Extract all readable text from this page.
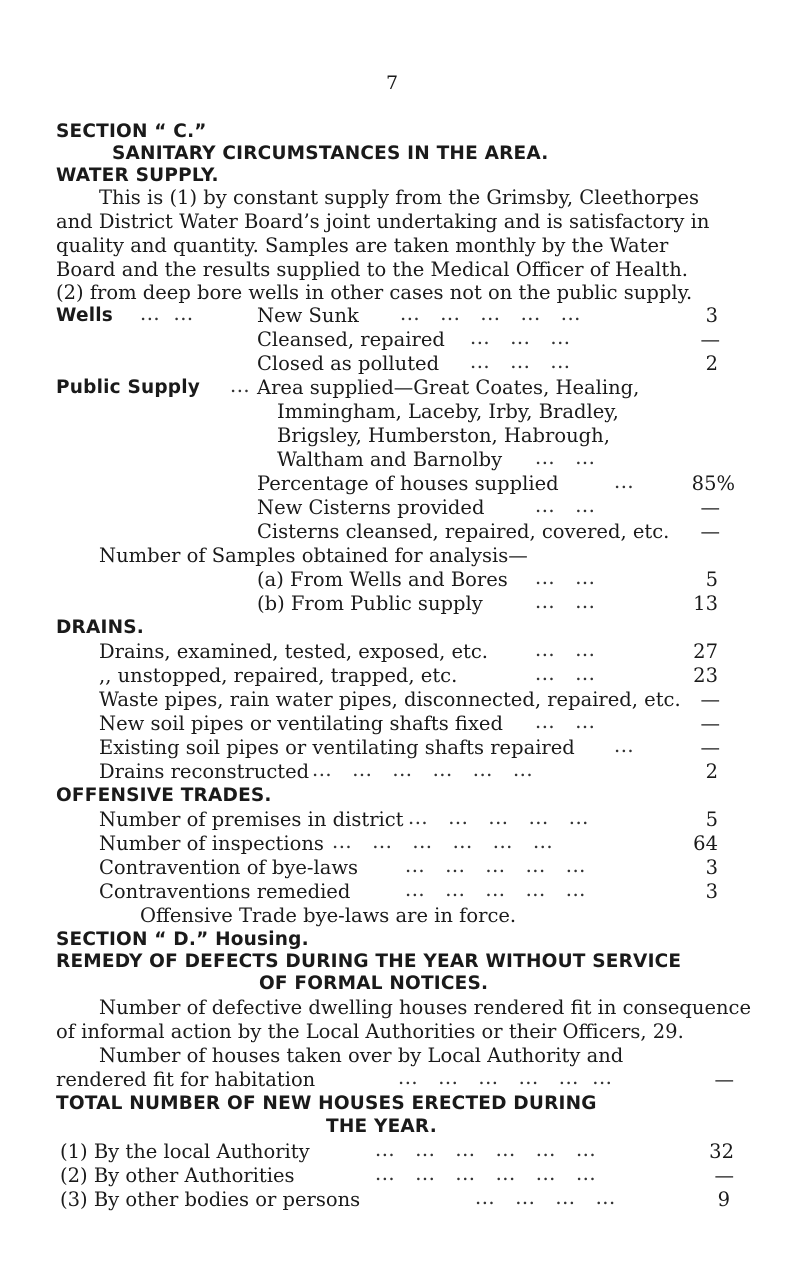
7
SECTION “ C.”
SANITARY CIRCUMSTANCES IN THE AREA.
WATER SUPPLY.
This is (1) by constant supply from the Grimsby, Cleethorpes
and District Water Board’s joint undertaking and is satisfactory in
quality and quantity. Samples are taken monthly by the Water
Board and the results supplied to the Medical Officer of Health.
(2) from deep bore wells in other cases not on the public supply.
Wells ...  ...	New Sunk ...   ...   ...   ...   ...	3
Cleansed, repaired ...   ...   ...	—
Closed as polluted ...   ...   ...	2
Public Supply ... Area supplied—Great Coates, Healing,
Immingham, Laceby, Irby, Bradley,
Brigsley, Humberston, Habrough,
Waltham and Barnolby ...   ...
Percentage of houses supplied	...	85%
New Cisterns provided	...   ...	—
Cisterns cleansed, repaired, covered, etc. —
Number of Samples obtained for analysis—
(a) From Wells and Bores ...   ...	5
(b) From Public supply	...   ...	13
DRAINS.
Drains, examined, tested, exposed, etc. ...   ...	27
,, unstopped, repaired, trapped, etc.	...   ...	23
Waste pipes, rain water pipes, disconnected, repaired, etc. —
New soil pipes or ventilating shafts fixed ...   ...	—
Existing soil pipes or ventilating shafts repaired ...	—
Drains reconstructed ...   ...   ...   ...   ...   ...	2
OFFENSIVE TRADES.
Number of premises in district ...   ...   ...   ...   ...	5
Number of inspections ...   ...   ...   ...   ...   ...	64
Contravention of bye-laws ...   ...   ...   ...   ...	3
Contraventions remedied	...   ...   ...   ...   ...	3
Offensive Trade bye-laws are in force.
SECTION “ D.” Housing.
REMEDY OF DEFECTS DURING THE YEAR WITHOUT SERVICE
OF FORMAL NOTICES.
Number of defective dwelling houses rendered fit in consequence
of informal action by the Local Authorities or their Officers, 29.
Number of houses taken over by Local Authority and
rendered fit for habitation	...   ...   ...   ...   ...  ...	—
TOTAL NUMBER OF NEW HOUSES ERECTED DURING
THE YEAR.
(1) By the local Authority	...   ...   ...   ...   ...   ...	32
(2) By other Authorities	...   ...   ...   ...   ...   ...	—
(3) By other bodies or persons	...   ...   ...   ...	9
